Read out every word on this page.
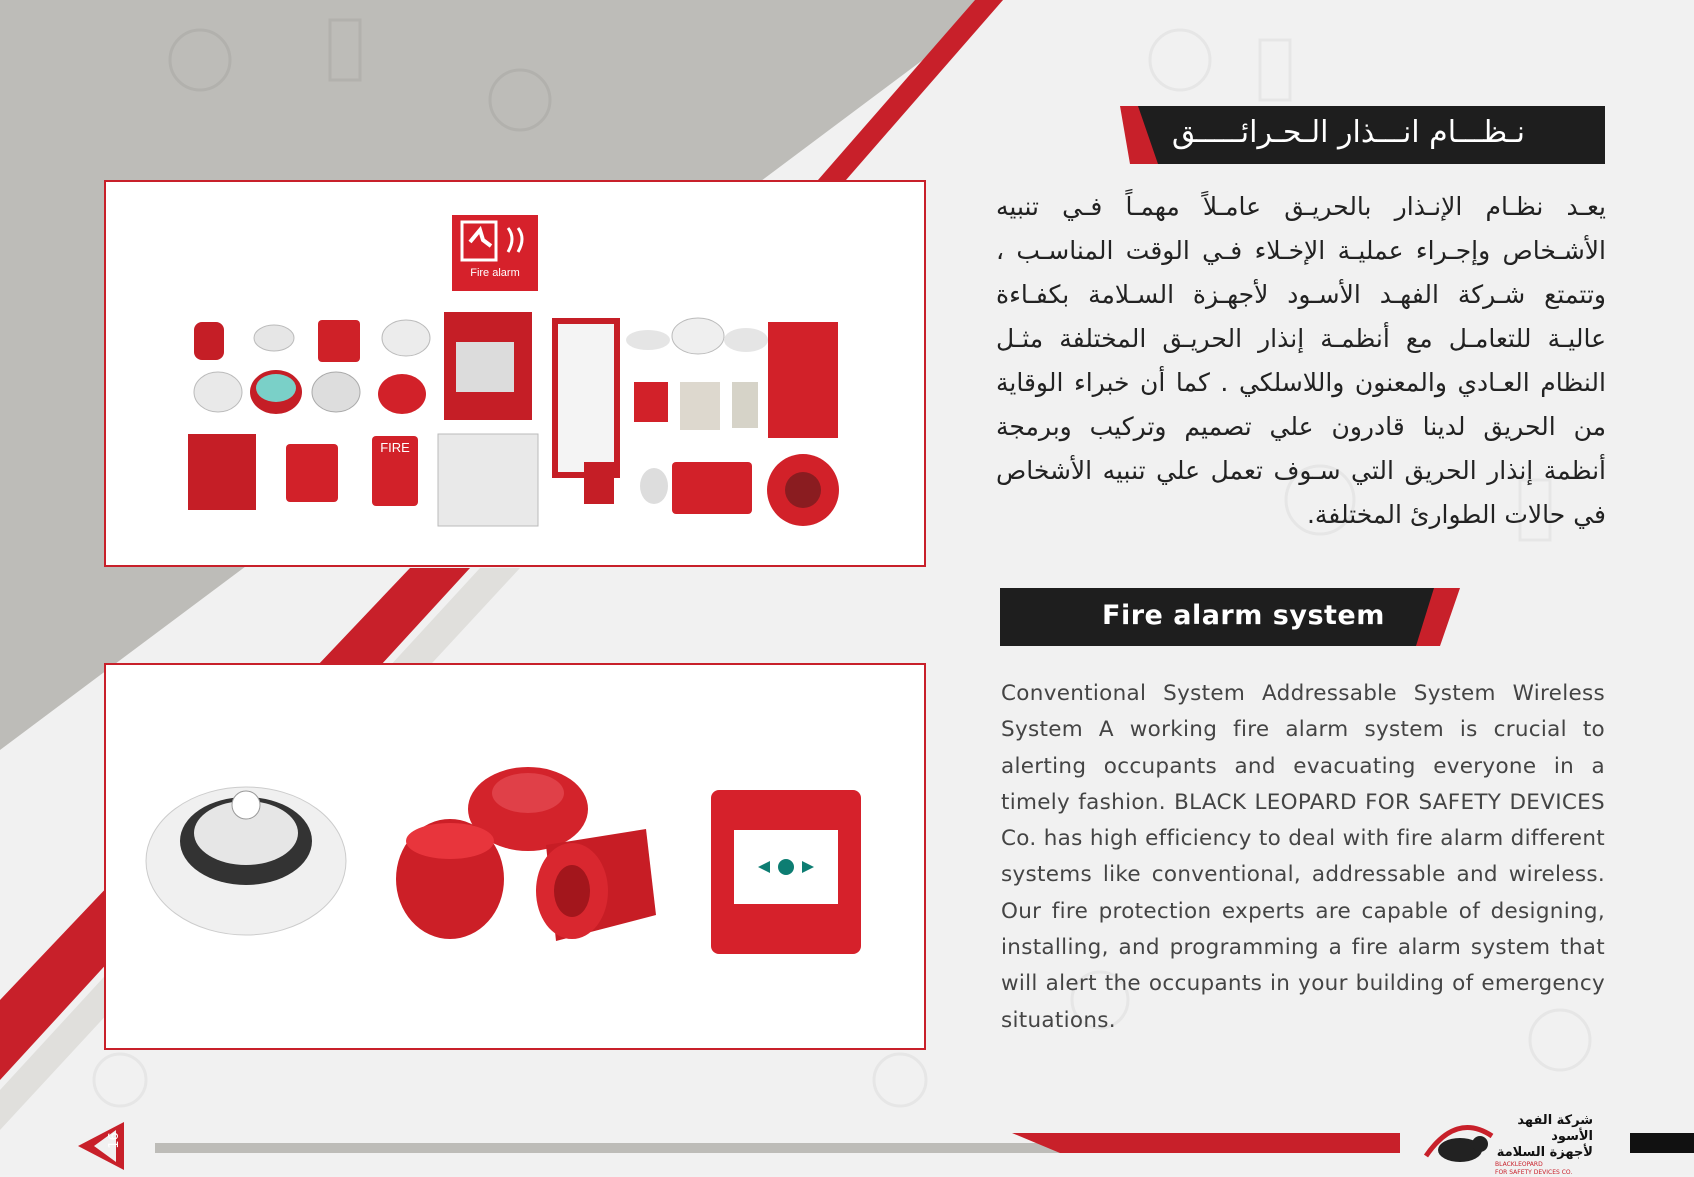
16
نـظـــام انـــذار الـحـرائـــــق
يعـد نظـام الإنـذار بالحريـق عامـلاً مهمـاً فـي تنبيه الأشـخاص وإجـراء عمليـة الإخـلاء فـي الوقت المناسـب ، وتتمتع شـركة الفهـد الأسـود لأجهـزة السـلامة بكفـاءة عاليـة للتعامـل مع أنظمـة إنذار الحريـق المختلفة مثـل النظام العـادي والمعنون واللاسلكي . كما أن خبراء الوقاية من الحريق لدينا قادرون علي تصميم وتركيب وبرمجة أنظمة إنذار الحريق التي سـوف تعمل علي تنبيه الأشخاص في حالات الطوارئ المختلفة.
Fire alarm system
Conventional System Addressable System Wireless System A working fire alarm system is crucial to alerting occupants and evacuating everyone in a timely fashion. BLACK LEOPARD FOR SAFETY DEVICES Co. has high efficiency to deal with fire alarm different systems like conventional, addressable and wireless. Our fire protection experts are capable of designing, installing, and programming a fire alarm system that will alert the occupants in your building of emergency situations.
Fire alarm
FIRE
شركة الفهد الأسود
لأجهزة السلامة
BLACKLEOPARD
FOR SAFETY DEVICES CO.
